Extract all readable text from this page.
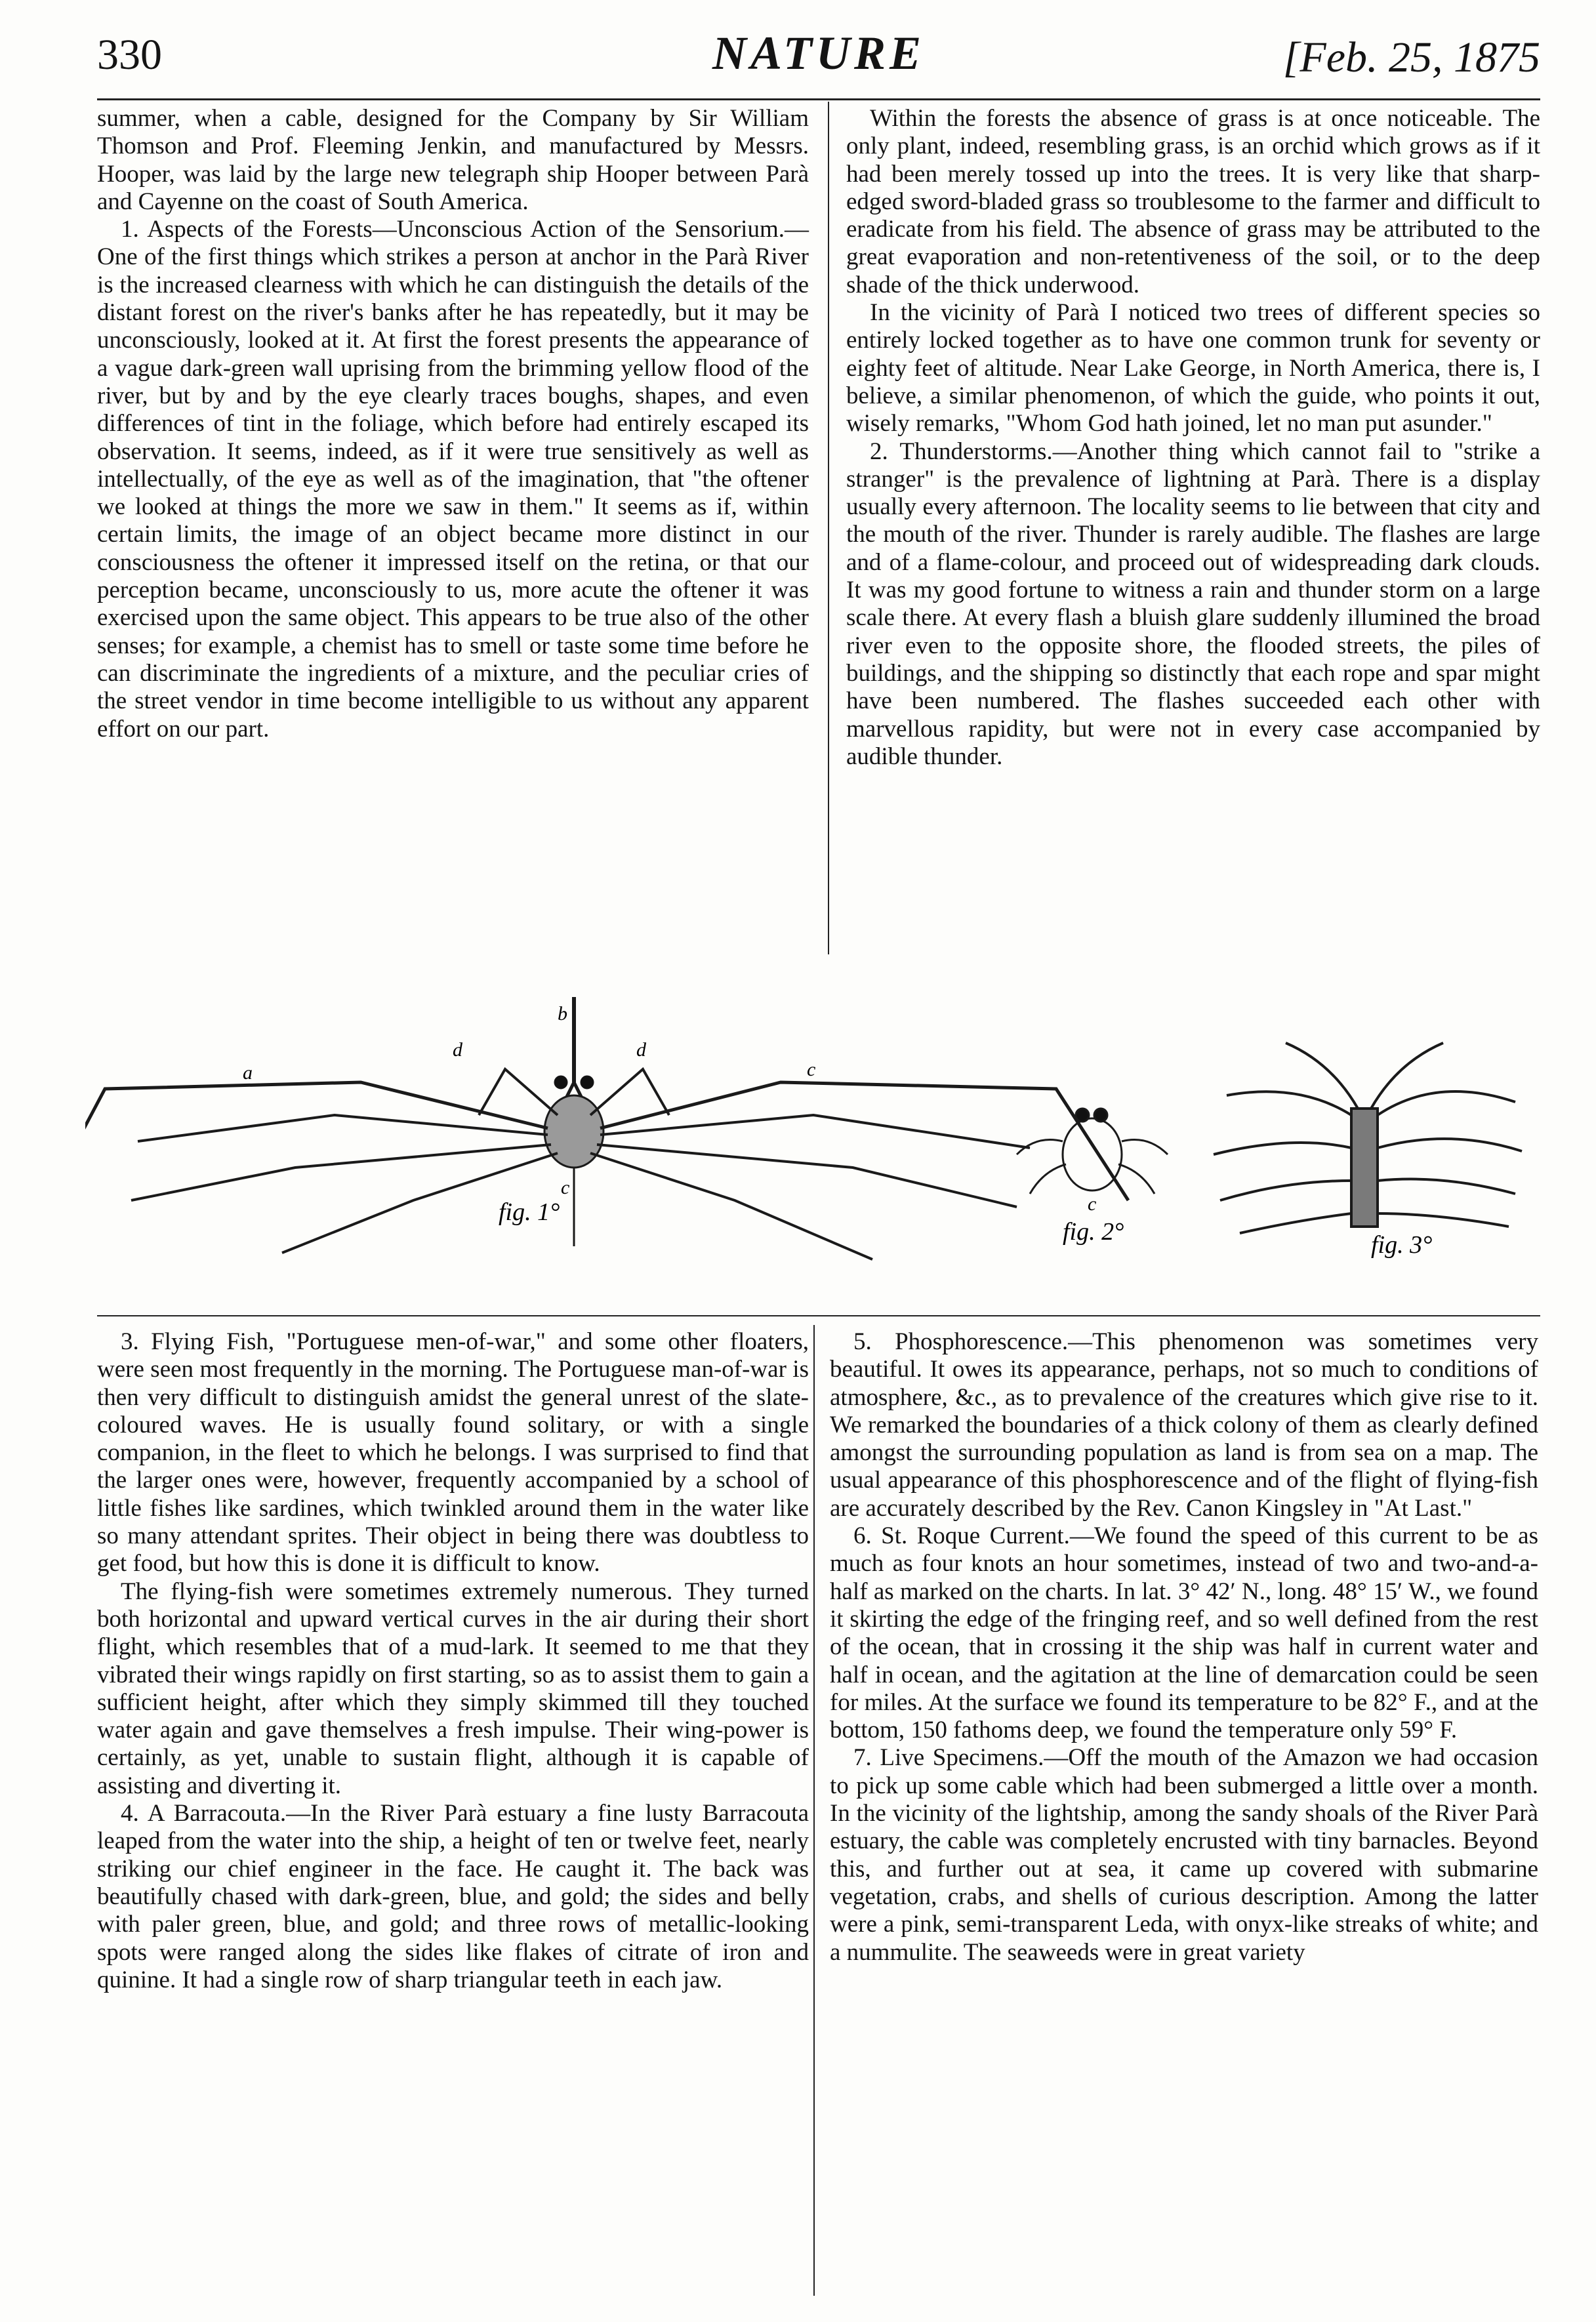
330	NATURE	[Feb. 25, 1875

summer, when a cable, designed for the Company by Sir William Thomson and Prof. Fleeming Jenkin, and manufactured by Messrs. Hooper, was laid by the large new telegraph ship Hooper between Parà and Cayenne on the coast of South America.

1. Aspects of the Forests—Unconscious Action of the Sensorium.—One of the first things which strikes a person at anchor in the Parà River is the increased clearness with which he can distinguish the details of the distant forest on the river's banks after he has repeatedly, but it may be unconsciously, looked at it. At first the forest presents the appearance of a vague dark-green wall uprising from the brimming yellow flood of the river, but by and by the eye clearly traces boughs, shapes, and even differences of tint in the foliage, which before had entirely escaped its observation. It seems, indeed, as if it were true sensitively as well as intellectually, of the eye as well as of the imagination, that "the oftener we looked at things the more we saw in them." It seems as if, within certain limits, the image of an object became more distinct in our consciousness the oftener it impressed itself on the retina, or that our perception became, unconsciously to us, more acute the oftener it was exercised upon the same object. This appears to be true also of the other senses; for example, a chemist has to smell or taste some time before he can discriminate the ingredients of a mixture, and the peculiar cries of the street vendor in time become intelligible to us without any apparent effort on our part.

Within the forests the absence of grass is at once noticeable. The only plant, indeed, resembling grass, is an orchid which grows as if it had been merely tossed up into the trees. It is very like that sharp-edged sword-bladed grass so troublesome to the farmer and difficult to eradicate from his field. The absence of grass may be attributed to the great evaporation and non-retentiveness of the soil, or to the deep shade of the thick underwood.

In the vicinity of Parà I noticed two trees of different species so entirely locked together as to have one common trunk for seventy or eighty feet of altitude. Near Lake George, in North America, there is, I believe, a similar phenomenon, of which the guide, who points it out, wisely remarks, "Whom God hath joined, let no man put asunder."

2. Thunderstorms.—Another thing which cannot fail to "strike a stranger" is the prevalence of lightning at Parà. There is a display usually every afternoon. The locality seems to lie between that city and the mouth of the river. Thunder is rarely audible. The flashes are large and of a flame-colour, and proceed out of widespreading dark clouds. It was my good fortune to witness a rain and thunder storm on a large scale there. At every flash a bluish glare suddenly illumined the broad river even to the opposite shore, the flooded streets, the piles of buildings, and the shipping so distinctly that each rope and spar might have been numbered. The flashes succeeded each other with marvellous rapidity, but were not in every case accompanied by audible thunder.

b
d	d
a	c
c
fig. 1°	c
fig. 2°	fig. 3°

3. Flying Fish, "Portuguese men-of-war," and some other floaters, were seen most frequently in the morning. The Portuguese man-of-war is then very difficult to distinguish amidst the general unrest of the slate-coloured waves. He is usually found solitary, or with a single companion, in the fleet to which he belongs. I was surprised to find that the larger ones were, however, frequently accompanied by a school of little fishes like sardines, which twinkled around them in the water like so many attendant sprites. Their object in being there was doubtless to get food, but how this is done it is difficult to know.

The flying-fish were sometimes extremely numerous. They turned both horizontal and upward vertical curves in the air during their short flight, which resembles that of a mud-lark. It seemed to me that they vibrated their wings rapidly on first starting, so as to assist them to gain a sufficient height, after which they simply skimmed till they touched water again and gave themselves a fresh impulse. Their wing-power is certainly, as yet, unable to sustain flight, although it is capable of assisting and diverting it.

4. A Barracouta.—In the River Parà estuary a fine lusty Barracouta leaped from the water into the ship, a height of ten or twelve feet, nearly striking our chief engineer in the face. He caught it. The back was beautifully chased with dark-green, blue, and gold; the sides and belly with paler green, blue, and gold; and three rows of metallic-looking spots were ranged along the sides like flakes of citrate of iron and quinine. It had a single row of sharp triangular teeth in each jaw.

5. Phosphorescence.—This phenomenon was sometimes very beautiful. It owes its appearance, perhaps, not so much to conditions of atmosphere, &c., as to prevalence of the creatures which give rise to it. We remarked the boundaries of a thick colony of them as clearly defined amongst the surrounding population as land is from sea on a map. The usual appearance of this phosphorescence and of the flight of flying-fish are accurately described by the Rev. Canon Kingsley in "At Last."

6. St. Roque Current.—We found the speed of this current to be as much as four knots an hour sometimes, instead of two and two-and-a-half as marked on the charts. In lat. 3° 42′ N., long. 48° 15′ W., we found it skirting the edge of the fringing reef, and so well defined from the rest of the ocean, that in crossing it the ship was half in current water and half in ocean, and the agitation at the line of demarcation could be seen for miles. At the surface we found its temperature to be 82° F., and at the bottom, 150 fathoms deep, we found the temperature only 59° F.

7. Live Specimens.—Off the mouth of the Amazon we had occasion to pick up some cable which had been submerged a little over a month. In the vicinity of the lightship, among the sandy shoals of the River Parà estuary, the cable was completely encrusted with tiny barnacles. Beyond this, and further out at sea, it came up covered with submarine vegetation, crabs, and shells of curious description. Among the latter were a pink, semi-transparent Leda, with onyx-like streaks of white; and a nummulite. The seaweeds were in great variety
